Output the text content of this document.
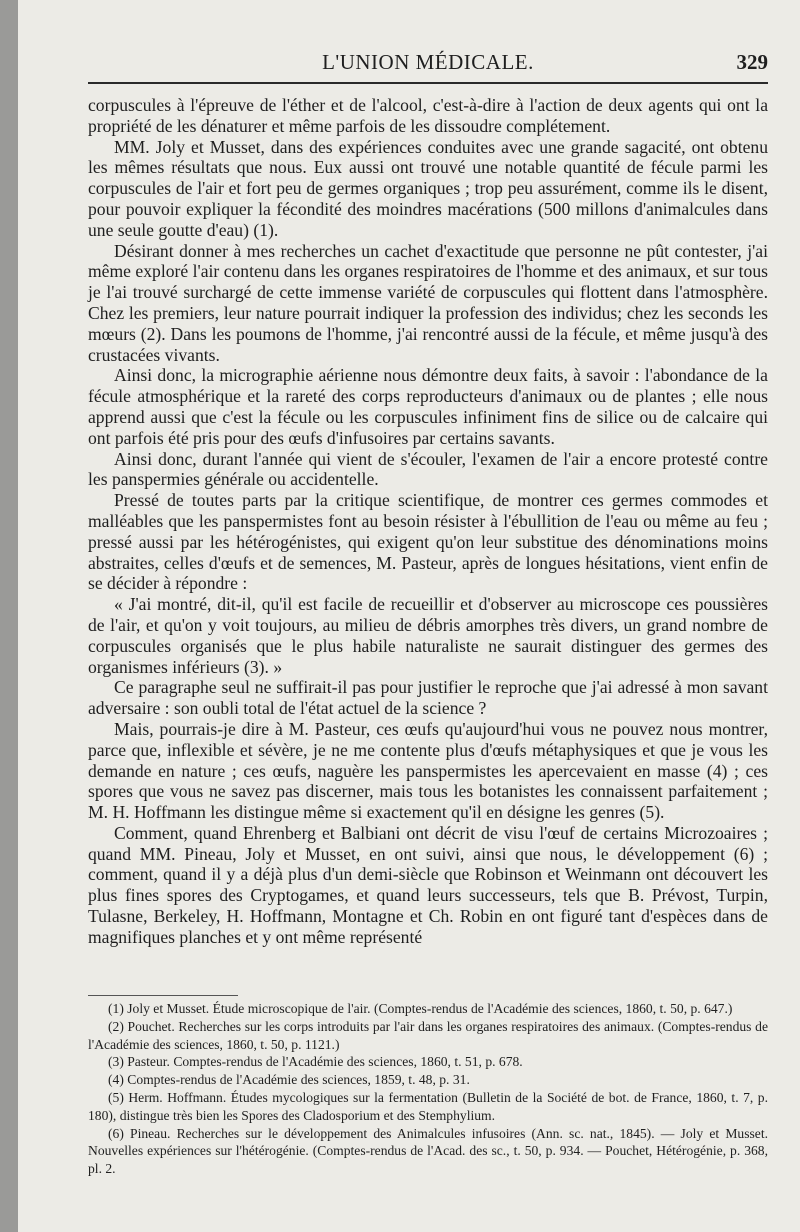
L'UNION MÉDICALE.	329

corpuscules à l'épreuve de l'éther et de l'alcool, c'est-à-dire à l'action de deux agents qui ont la propriété de les dénaturer et même parfois de les dissoudre complétement.

MM. Joly et Musset, dans des expériences conduites avec une grande sagacité, ont obtenu les mêmes résultats que nous. Eux aussi ont trouvé une notable quantité de fécule parmi les corpuscules de l'air et fort peu de germes organiques ; trop peu assurément, comme ils le disent, pour pouvoir expliquer la fécondité des moindres macérations (500 millons d'animalcules dans une seule goutte d'eau) (1).

Désirant donner à mes recherches un cachet d'exactitude que personne ne pût contester, j'ai même exploré l'air contenu dans les organes respiratoires de l'homme et des animaux, et sur tous je l'ai trouvé surchargé de cette immense variété de corpuscules qui flottent dans l'atmosphère. Chez les premiers, leur nature pourrait indiquer la profession des individus; chez les seconds les mœurs (2). Dans les poumons de l'homme, j'ai rencontré aussi de la fécule, et même jusqu'à des crustacées vivants.

Ainsi donc, la micrographie aérienne nous démontre deux faits, à savoir : l'abondance de la fécule atmosphérique et la rareté des corps reproducteurs d'animaux ou de plantes ; elle nous apprend aussi que c'est la fécule ou les corpuscules infiniment fins de silice ou de calcaire qui ont parfois été pris pour des œufs d'infusoires par certains savants.

Ainsi donc, durant l'année qui vient de s'écouler, l'examen de l'air a encore protesté contre les panspermies générale ou accidentelle.

Pressé de toutes parts par la critique scientifique, de montrer ces germes commodes et malléables que les panspermistes font au besoin résister à l'ébullition de l'eau ou même au feu ; pressé aussi par les hétérogénistes, qui exigent qu'on leur substitue des dénominations moins abstraites, celles d'œufs et de semences, M. Pasteur, après de longues hésitations, vient enfin de se décider à répondre :

« J'ai montré, dit-il, qu'il est facile de recueillir et d'observer au microscope ces poussières de l'air, et qu'on y voit toujours, au milieu de débris amorphes très divers, un grand nombre de corpuscules organisés que le plus habile naturaliste ne saurait distinguer des germes des organismes inférieurs (3). »

Ce paragraphe seul ne suffirait-il pas pour justifier le reproche que j'ai adressé à mon savant adversaire : son oubli total de l'état actuel de la science ?

Mais, pourrais-je dire à M. Pasteur, ces œufs qu'aujourd'hui vous ne pouvez nous montrer, parce que, inflexible et sévère, je ne me contente plus d'œufs métaphysiques et que je vous les demande en nature ; ces œufs, naguère les panspermistes les apercevaient en masse (4) ; ces spores que vous ne savez pas discerner, mais tous les botanistes les connaissent parfaitement ; M. H. Hoffmann les distingue même si exactement qu'il en désigne les genres (5).

Comment, quand Ehrenberg et Balbiani ont décrit de visu l'œuf de certains Microzoaires ; quand MM. Pineau, Joly et Musset, en ont suivi, ainsi que nous, le développement (6) ; comment, quand il y a déjà plus d'un demi-siècle que Robinson et Weinmann ont découvert les plus fines spores des Cryptogames, et quand leurs successeurs, tels que B. Prévost, Turpin, Tulasne, Berkeley, H. Hoffmann, Montagne et Ch. Robin en ont figuré tant d'espèces dans de magnifiques planches et y ont même représenté

(1) Joly et Musset. Étude microscopique de l'air. (Comptes-rendus de l'Académie des sciences, 1860, t. 50, p. 647.)

(2) Pouchet. Recherches sur les corps introduits par l'air dans les organes respiratoires des animaux. (Comptes-rendus de l'Académie des sciences, 1860, t. 50, p. 1121.)

(3) Pasteur. Comptes-rendus de l'Académie des sciences, 1860, t. 51, p. 678.

(4) Comptes-rendus de l'Académie des sciences, 1859, t. 48, p. 31.

(5) Herm. Hoffmann. Études mycologiques sur la fermentation (Bulletin de la Société de bot. de France, 1860, t. 7, p. 180), distingue très bien les Spores des Cladosporium et des Stemphylium.

(6) Pineau. Recherches sur le développement des Animalcules infusoires (Ann. sc. nat., 1845). — Joly et Musset. Nouvelles expériences sur l'hétérogénie. (Comptes-rendus de l'Acad. des sc., t. 50, p. 934. — Pouchet, Hétérogénie, p. 368, pl. 2.
